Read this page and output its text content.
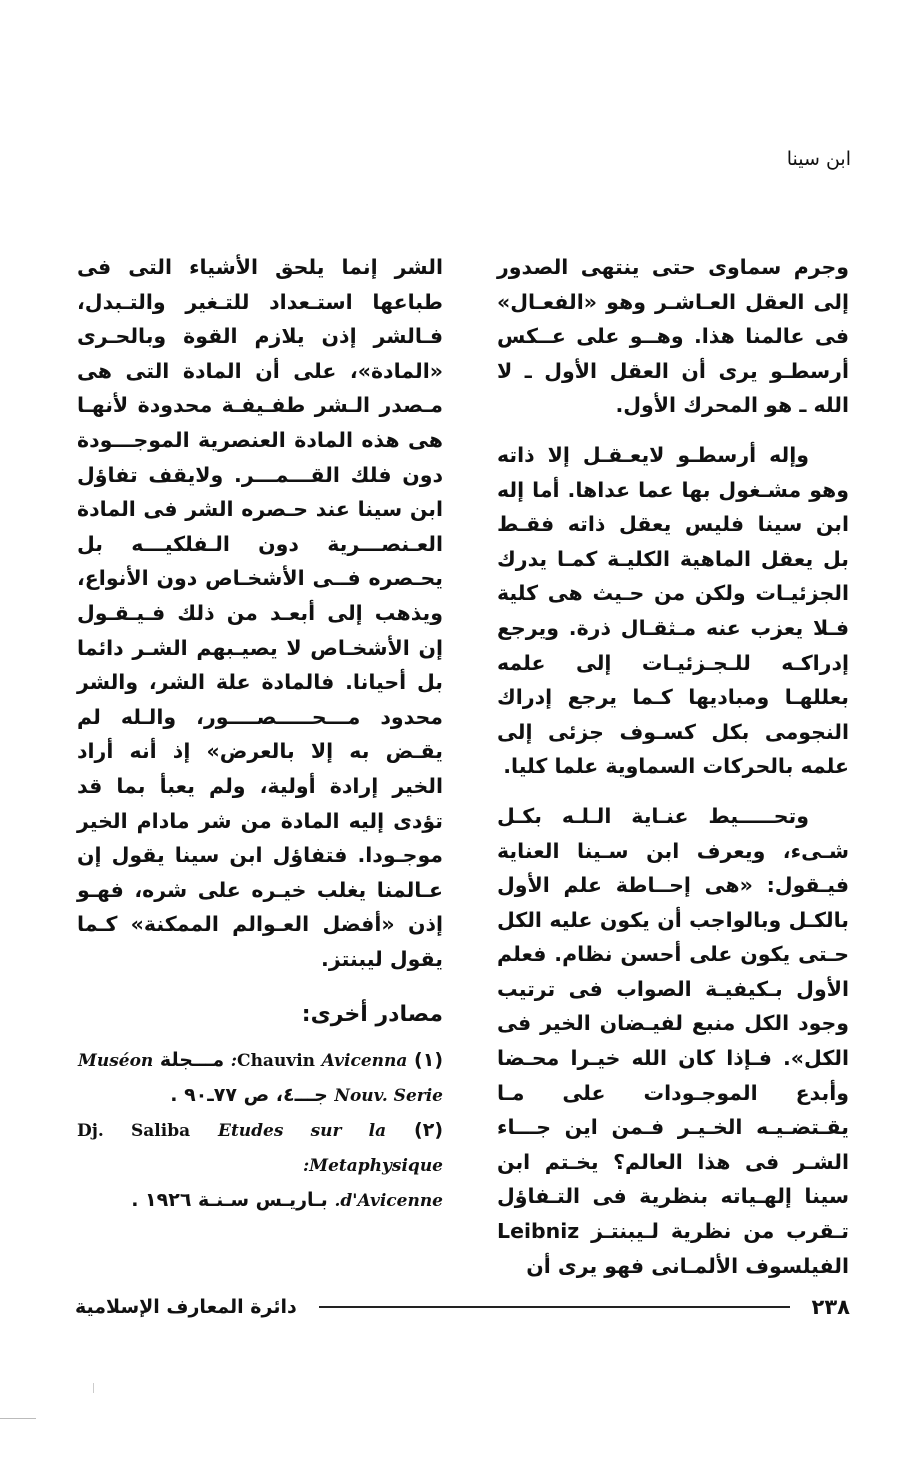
ابن سينا

وجرم سماوى حتى ينتهى الصدور إلى العقل العـاشـر وهو «الفعـال» فى عالمنا هذا. وهــو على عــكس أرسطـو يرى أن العقل الأول ـ لا الله ـ هو المحرك الأول.

وإله أرسطـو لايعـقـل إلا ذاته وهو مشـغول بها عما عداها. أما إله ابن سينا فليس يعقل ذاته فقـط بل يعقل الماهية الكليـة كمـا يدرك الجزئيـات ولكن من حـيث هى كلية فـلا يعزب عنه مـثقـال ذرة. ويرجع إدراكـه للـجـزئيـات إلى علمه بعللهـا ومباديها كـما يرجع إدراك النجومى بكل كسـوف جزئى إلى علمه بالحركات السماوية علما كليا.

وتحـــــيط عنـاية الـلـه بكـل شـىء، ويعرف ابن سـينا العناية فيـقول: «هى إحــاطة علم الأول بالكـل وبالواجب أن يكون عليه الكل حـتى يكون على أحسن نظام. فعلم الأول بـكيفيـة الصواب فى ترتيب وجود الكل منبع لفيـضان الخير فى الكل». فـإذا كان الله خيـرا محـضا وأبدع الموجـودات على مـا يقـتضـيـه الخـيـر فـمن اين جـــاء الشـر فى هذا العالم؟ يخـتم ابن سينا إلهـياته بنظرية فى التـفاؤل تـقرب من نظرية لـيبنتـز Leibniz الفيلسوف الألمـانى فهو يرى أن

الشر إنما يلحق الأشياء التى فى طباعها استـعداد للتـغير والتـبدل، فـالشر إذن يلازم القوة وبالحـرى «المادة»، على أن المادة التى هى مـصدر الـشر طفـيفـة محدودة لأنهـا هى هذه المادة العنصرية الموجـــودة دون فلك القـــمـــر. ولايقف تفاؤل ابن سينا عند حـصره الشر فى المادة العـنصـــرية دون الـفلكيـــه بل يحـصره فــى الأشخـاص دون الأنواع، ويذهب إلى أبعـد من ذلك فـيـقـول إن الأشخـاص لا يصيـبهم الشـر دائما بل أحيانا. فالمادة علة الشر، والشر محدود مـــحـــــصــــور، والـله لم يقـض به إلا بالعرض» إذ أنه أراد الخير إرادة أولية، ولم يعبأ بما قد تؤدى إليه المادة من شر مادام الخير موجـودا. فتفاؤل ابن سينا يقول إن عـالمنا يغلب خيـره على شره، فهـو إذن «أفضل العـوالم الممكنة» كـما يقول ليبنتز.

مصادر أخرى:
(١) Chauvin Avicenna: مـــجلة Muséon
Nouv. Serie جـــ٤، ص ٧٧ـ٩٠ .
(٢) Dj. Saliba Etudes sur la Metaphysique:
d'Avicenne. بـاريـس سـنـة ١٩٢٦ .
٢٣٨
دائرة المعارف الإسلامية
